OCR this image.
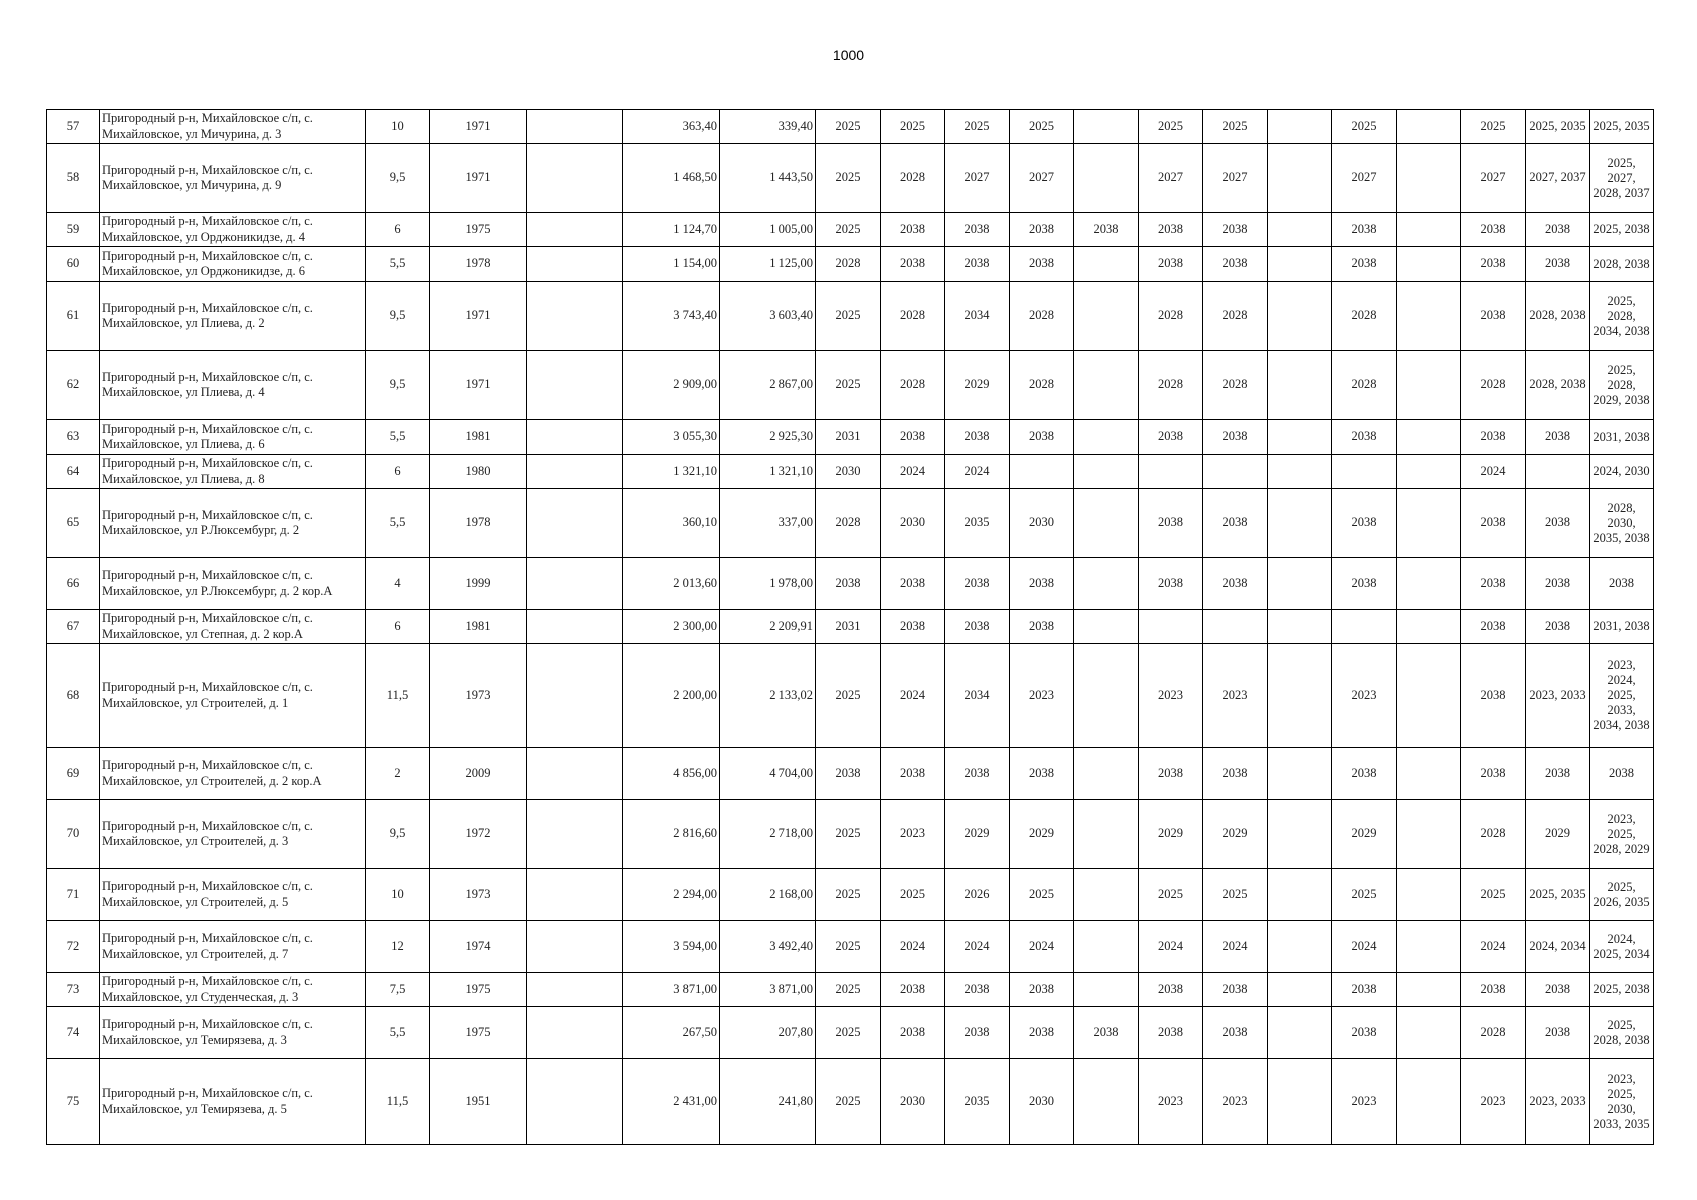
1000
57	Пригородный р-н, Михайловское с/п, с. Михайловское, ул Мичурина, д. 3	10	1971		363,40	339,40	2025	2025	2025	2025		2025	2025		2025		2025	2025, 2035	2025, 2035
58	Пригородный р-н, Михайловское с/п, с. Михайловское, ул Мичурина, д. 9	9,5	1971		1 468,50	1 443,50	2025	2028	2027	2027		2027	2027		2027		2027	2027, 2037	2025, 2027, 2028, 2037
59	Пригородный р-н, Михайловское с/п, с. Михайловское, ул Орджоникидзе, д. 4	6	1975		1 124,70	1 005,00	2025	2038	2038	2038	2038	2038	2038		2038		2038	2038	2025, 2038
60	Пригородный р-н, Михайловское с/п, с. Михайловское, ул Орджоникидзе, д. 6	5,5	1978		1 154,00	1 125,00	2028	2038	2038	2038		2038	2038		2038		2038	2038	2028, 2038
61	Пригородный р-н, Михайловское с/п, с. Михайловское, ул Плиева, д. 2	9,5	1971		3 743,40	3 603,40	2025	2028	2034	2028		2028	2028		2028		2038	2028, 2038	2025, 2028, 2034, 2038
62	Пригородный р-н, Михайловское с/п, с. Михайловское, ул Плиева, д. 4	9,5	1971		2 909,00	2 867,00	2025	2028	2029	2028		2028	2028		2028		2028	2028, 2038	2025, 2028, 2029, 2038
63	Пригородный р-н, Михайловское с/п, с. Михайловское, ул Плиева, д. 6	5,5	1981		3 055,30	2 925,30	2031	2038	2038	2038		2038	2038		2038		2038	2038	2031, 2038
64	Пригородный р-н, Михайловское с/п, с. Михайловское, ул Плиева, д. 8	6	1980		1 321,10	1 321,10	2030	2024	2024								2024		2024, 2030
65	Пригородный р-н, Михайловское с/п, с. Михайловское, ул Р.Люксембург, д. 2	5,5	1978		360,10	337,00	2028	2030	2035	2030		2038	2038		2038		2038	2038	2028, 2030, 2035, 2038
66	Пригородный р-н, Михайловское с/п, с. Михайловское, ул Р.Люксембург, д. 2 кор.А	4	1999		2 013,60	1 978,00	2038	2038	2038	2038		2038	2038		2038		2038	2038	2038
67	Пригородный р-н, Михайловское с/п, с. Михайловское, ул Степная, д. 2 кор.А	6	1981		2 300,00	2 209,91	2031	2038	2038	2038							2038	2038	2031, 2038
68	Пригородный р-н, Михайловское с/п, с. Михайловское, ул Строителей, д. 1	11,5	1973		2 200,00	2 133,02	2025	2024	2034	2023		2023	2023		2023		2038	2023, 2033	2023, 2024, 2025, 2033, 2034, 2038
69	Пригородный р-н, Михайловское с/п, с. Михайловское, ул Строителей, д. 2 кор.А	2	2009		4 856,00	4 704,00	2038	2038	2038	2038		2038	2038		2038		2038	2038	2038
70	Пригородный р-н, Михайловское с/п, с. Михайловское, ул Строителей, д. 3	9,5	1972		2 816,60	2 718,00	2025	2023	2029	2029		2029	2029		2029		2028	2029	2023, 2025, 2028, 2029
71	Пригородный р-н, Михайловское с/п, с. Михайловское, ул Строителей, д. 5	10	1973		2 294,00	2 168,00	2025	2025	2026	2025		2025	2025		2025		2025	2025, 2035	2025, 2026, 2035
72	Пригородный р-н, Михайловское с/п, с. Михайловское, ул Строителей, д. 7	12	1974		3 594,00	3 492,40	2025	2024	2024	2024		2024	2024		2024		2024	2024, 2034	2024, 2025, 2034
73	Пригородный р-н, Михайловское с/п, с. Михайловское, ул Студенческая, д. 3	7,5	1975		3 871,00	3 871,00	2025	2038	2038	2038		2038	2038		2038		2038	2038	2025, 2038
74	Пригородный р-н, Михайловское с/п, с. Михайловское, ул Темирязева, д. 3	5,5	1975		267,50	207,80	2025	2038	2038	2038	2038	2038	2038		2038		2028	2038	2025, 2028, 2038
75	Пригородный р-н, Михайловское с/п, с. Михайловское, ул Темирязева, д. 5	11,5	1951		2 431,00	241,80	2025	2030	2035	2030		2023	2023		2023		2023	2023, 2033	2023, 2025, 2030, 2033, 2035
